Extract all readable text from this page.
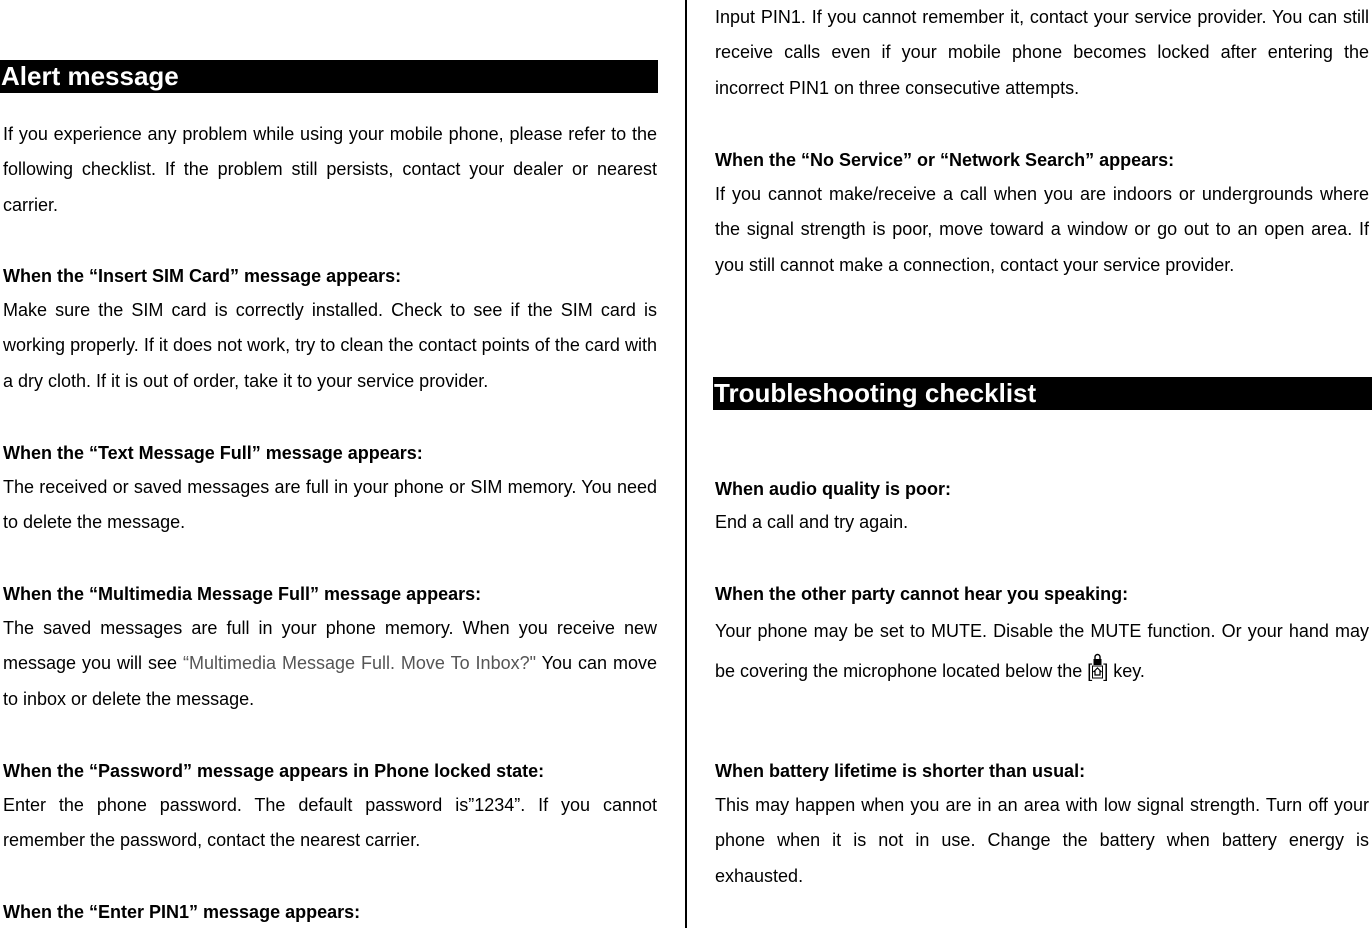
Alert message
If you experience any problem while using your mobile phone, please refer to the following checklist. If the problem still persists, contact your dealer or nearest carrier.
When the “Insert SIM Card” message appears:
Make sure the SIM card is correctly installed. Check to see if the SIM card is working properly. If it does not work, try to clean the contact points of the card with a dry cloth. If it is out of order, take it to your service provider.
When the “Text Message Full” message appears:
The received or saved messages are full in your phone or SIM memory. You need to delete the message.
When the “Multimedia Message Full” message appears:
The saved messages are full in your phone memory. When you receive new message you will see “Multimedia Message Full. Move To Inbox?" You can move to inbox or delete the message.
When the “Password” message appears in Phone locked state:
Enter the phone password. The default password is”1234”. If you cannot remember the password, contact the nearest carrier.
When the “Enter PIN1” message appears:
Input PIN1. If you cannot remember it, contact your service provider. You can still receive calls even if your mobile phone becomes locked after entering the incorrect PIN1 on three consecutive attempts.
When the “No Service” or “Network Search” appears:
If you cannot make/receive a call when you are indoors or undergrounds where the signal strength is poor, move toward a window or go out to an open area. If you still cannot make a connection, contact your service provider.
Troubleshooting checklist
When audio quality is poor:
End a call and try again.
When the other party cannot hear you speaking:
Your phone may be set to MUTE. Disable the MUTE function. Or your hand may be covering the microphone located below the [ ] key.
When battery lifetime is shorter than usual:
This may happen when you are in an area with low signal strength. Turn off your phone when it is not in use. Change the battery when battery energy is exhausted.
